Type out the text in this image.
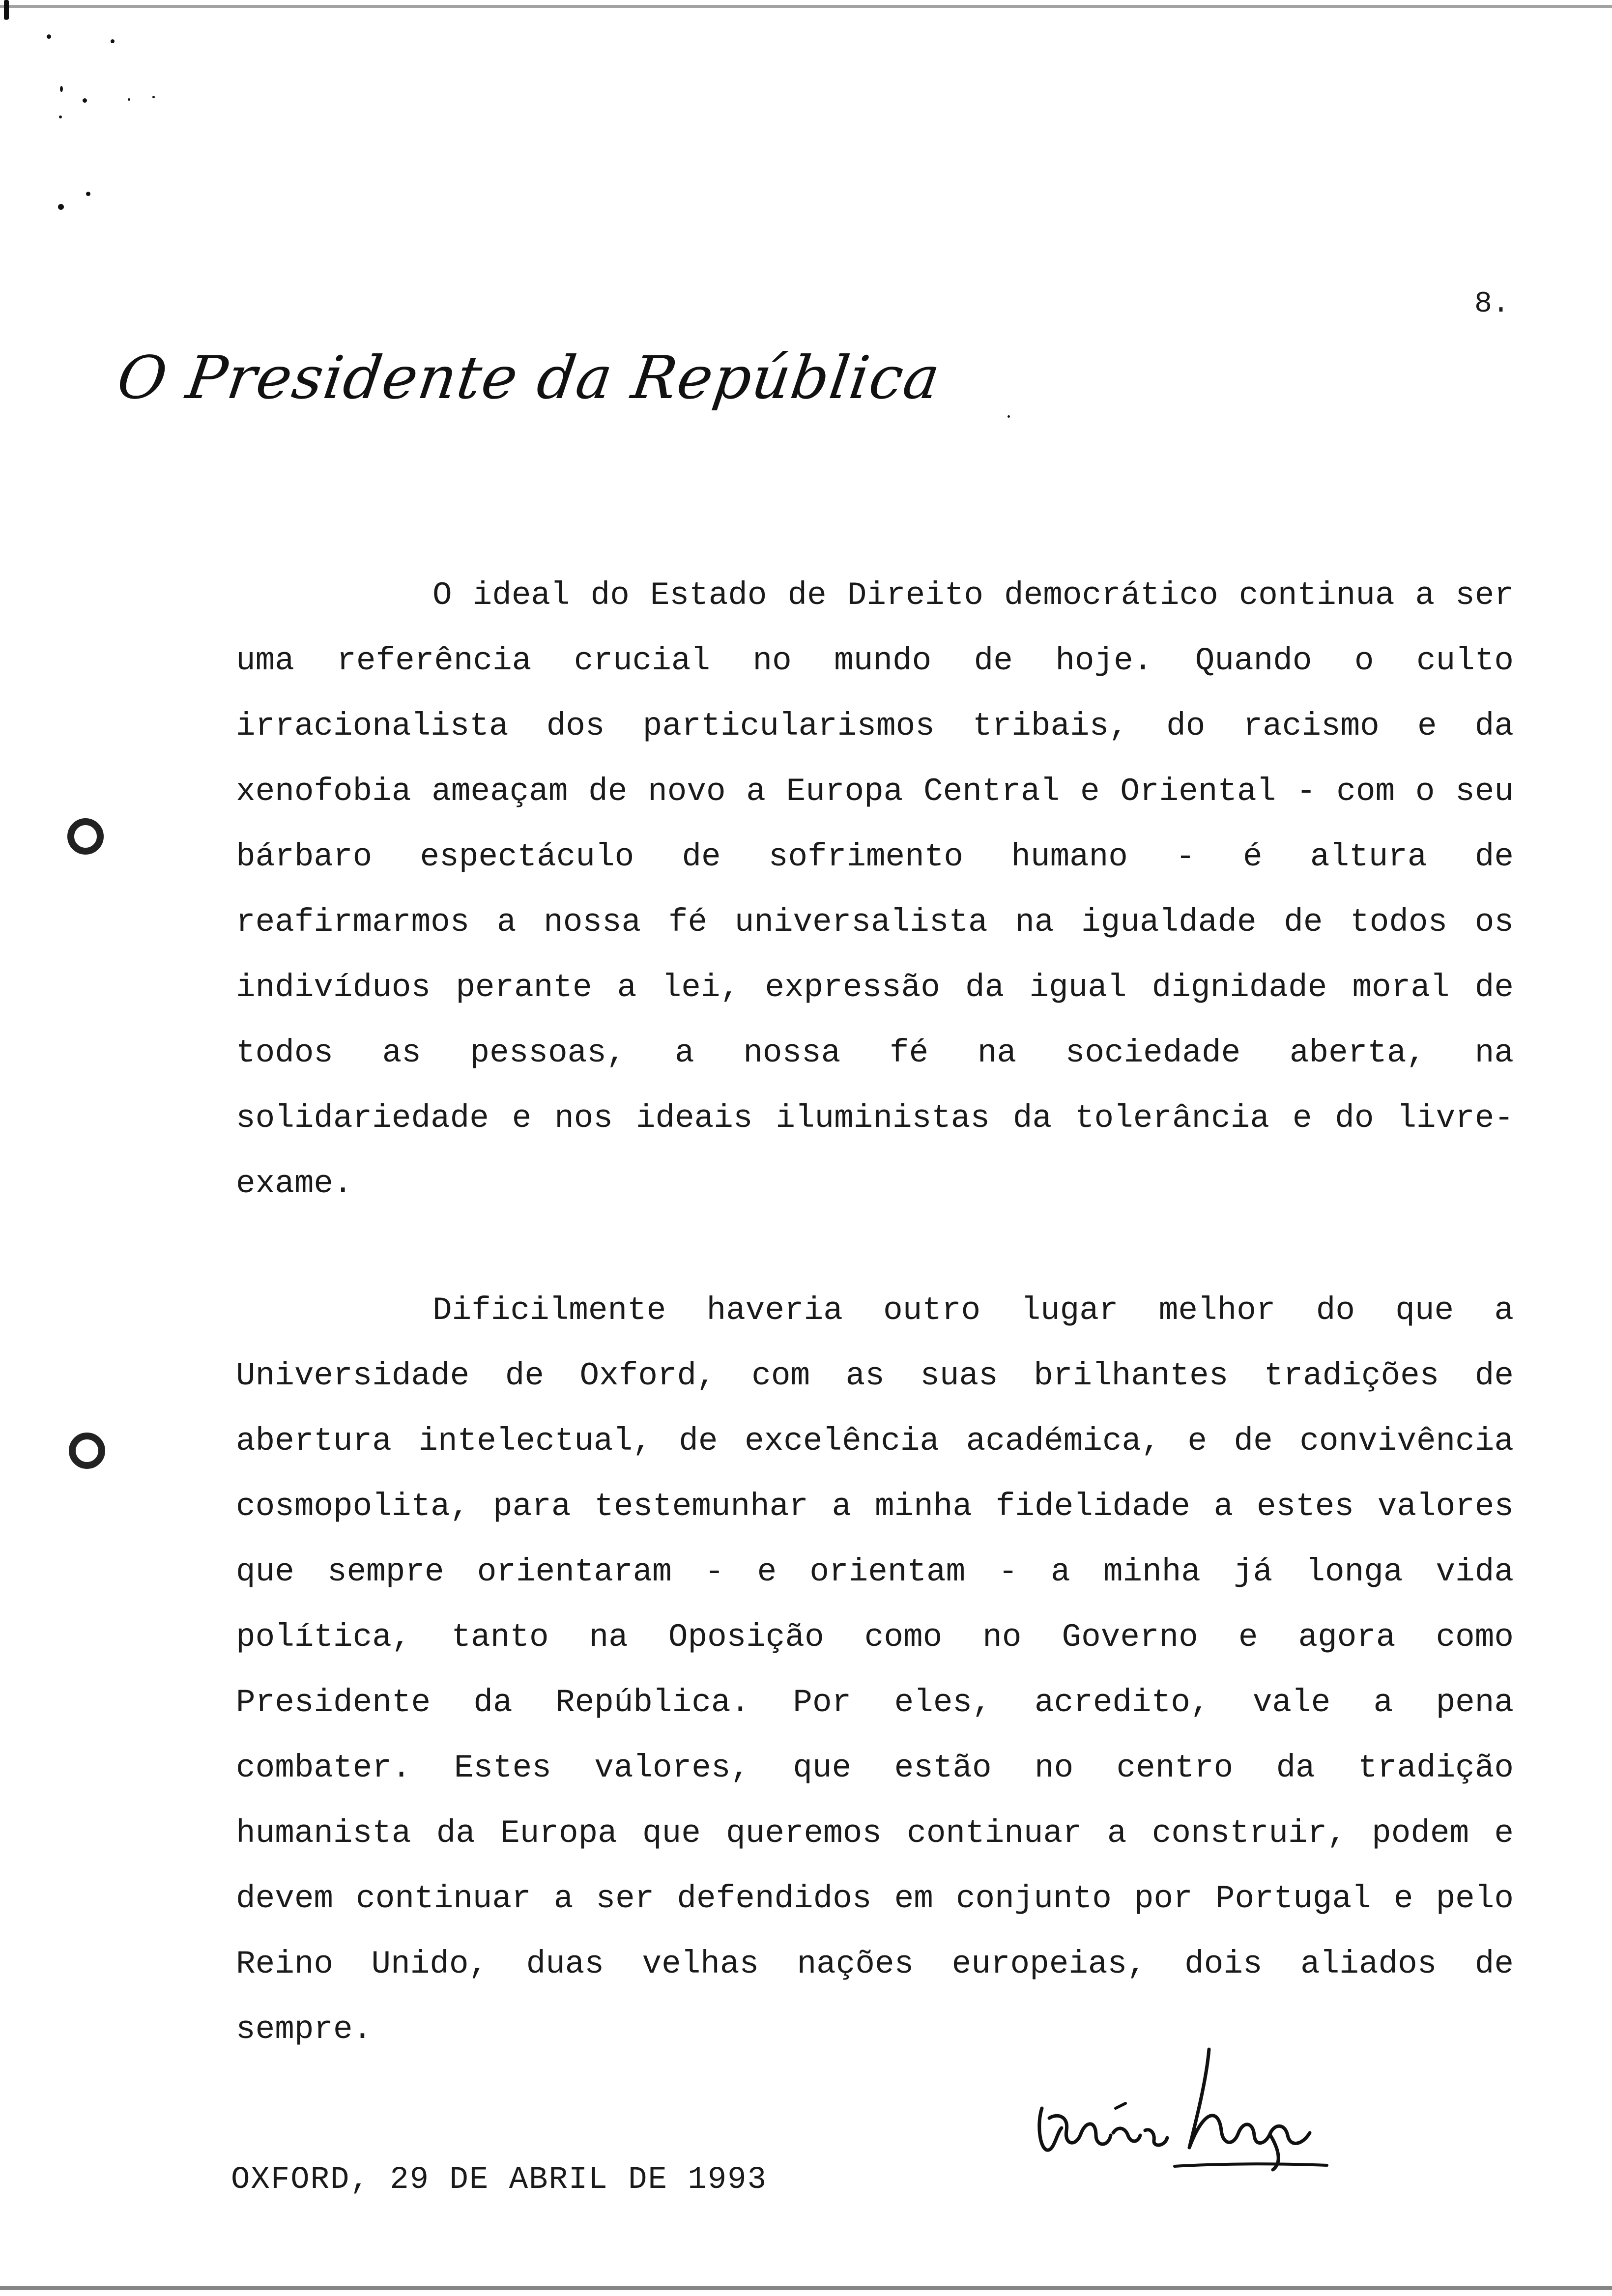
8.
O Presidente da República
O ideal do Estado de Direito democrático continua a ser uma referência crucial no mundo de hoje. Quando o culto irracionalista dos particularismos tribais, do racismo e da xenofobia ameaçam de novo a Europa Central e Oriental - com o seu bárbaro espectáculo de sofrimento humano - é altura de reafirmarmos a nossa fé universalista na igualdade de todos os indivíduos perante a lei, expressão da igual dignidade moral de todos as pessoas, a nossa fé na sociedade aberta, na solidariedade e nos ideais iluministas da tolerância e do livre-exame.
Dificilmente haveria outro lugar melhor do que a Universidade de Oxford, com as suas brilhantes tradições de abertura intelectual, de excelência académica, e de convivência cosmopolita, para testemunhar a minha fidelidade a estes valores que sempre orientaram - e orientam - a minha já longa vida política, tanto na Oposição como no Governo e agora como Presidente da República. Por eles, acredito, vale a pena combater. Estes valores, que estão no centro da tradição humanista da Europa que queremos continuar a construir, podem e devem continuar a ser defendidos em conjunto por Portugal e pelo Reino Unido, duas velhas nações europeias, dois aliados de sempre.
OXFORD, 29 DE ABRIL DE 1993
